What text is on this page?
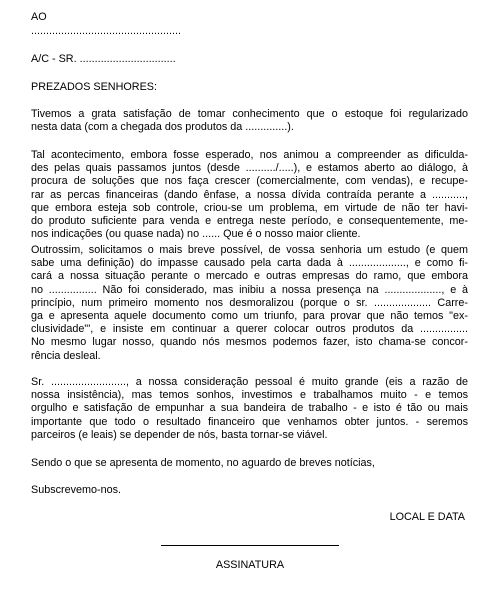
AO

..................................................

A/C - SR. ................................

PREZADOS SENHORES:

Tivemos a grata satisfação de tomar conhecimento que o estoque foi regularizado
nesta data (com a chegada dos produtos da ..............).
Tal acontecimento, embora fosse esperado, nos animou a compreender as dificulda-
des pelas quais passamos juntos (desde ........../.....), e estamos aberto ao diálogo, à
procura de soluções que nos faça crescer (comercialmente, com vendas), e recupe-
rar as percas financeiras (dando ênfase, a nossa dívida contraída perante a ...........,
que embora esteja sob controle, criou-se um problema, em virtude de não ter havi-
do produto suficiente para venda e entrega neste período, e consequentemente, me-
nos indicações (ou quase nada) no ...... Que é o nosso maior cliente.
Outrossim, solicitamos o mais breve possível, de vossa senhoria um estudo (e quem
sabe uma definição) do impasse causado pela carta dada à ..................., e como fi-
cará a nossa situação perante o mercado e outras empresas do ramo, que embora
no ................ Não foi considerado, mas inibiu a nossa presença na ..................., e à
princípio, num primeiro momento nos desmoralizou (porque o sr. ................... Carre-
ga e apresenta aquele documento como um triunfo, para provar que não temos "ex-
clusividade"', e insiste em continuar a querer colocar outros produtos da ................
No mesmo lugar nosso, quando nós mesmos podemos fazer, isto chama-se concor-
rência desleal.
Sr. ........................., a nossa consideração pessoal é muito grande (eis a razão de
nossa insistência), mas temos sonhos, investimos e trabalhamos muito - e temos
orgulho e satisfação de empunhar a sua bandeira de trabalho - e isto é tão ou mais
importante que todo o resultado financeiro que venhamos obter juntos. - seremos
parceiros (e leais) se depender de nós, basta tornar-se viável.

Sendo o que se apresenta de momento, no aguardo de breves notícias,

Subscrevemo-nos.

LOCAL E DATA

ASSINATURA
